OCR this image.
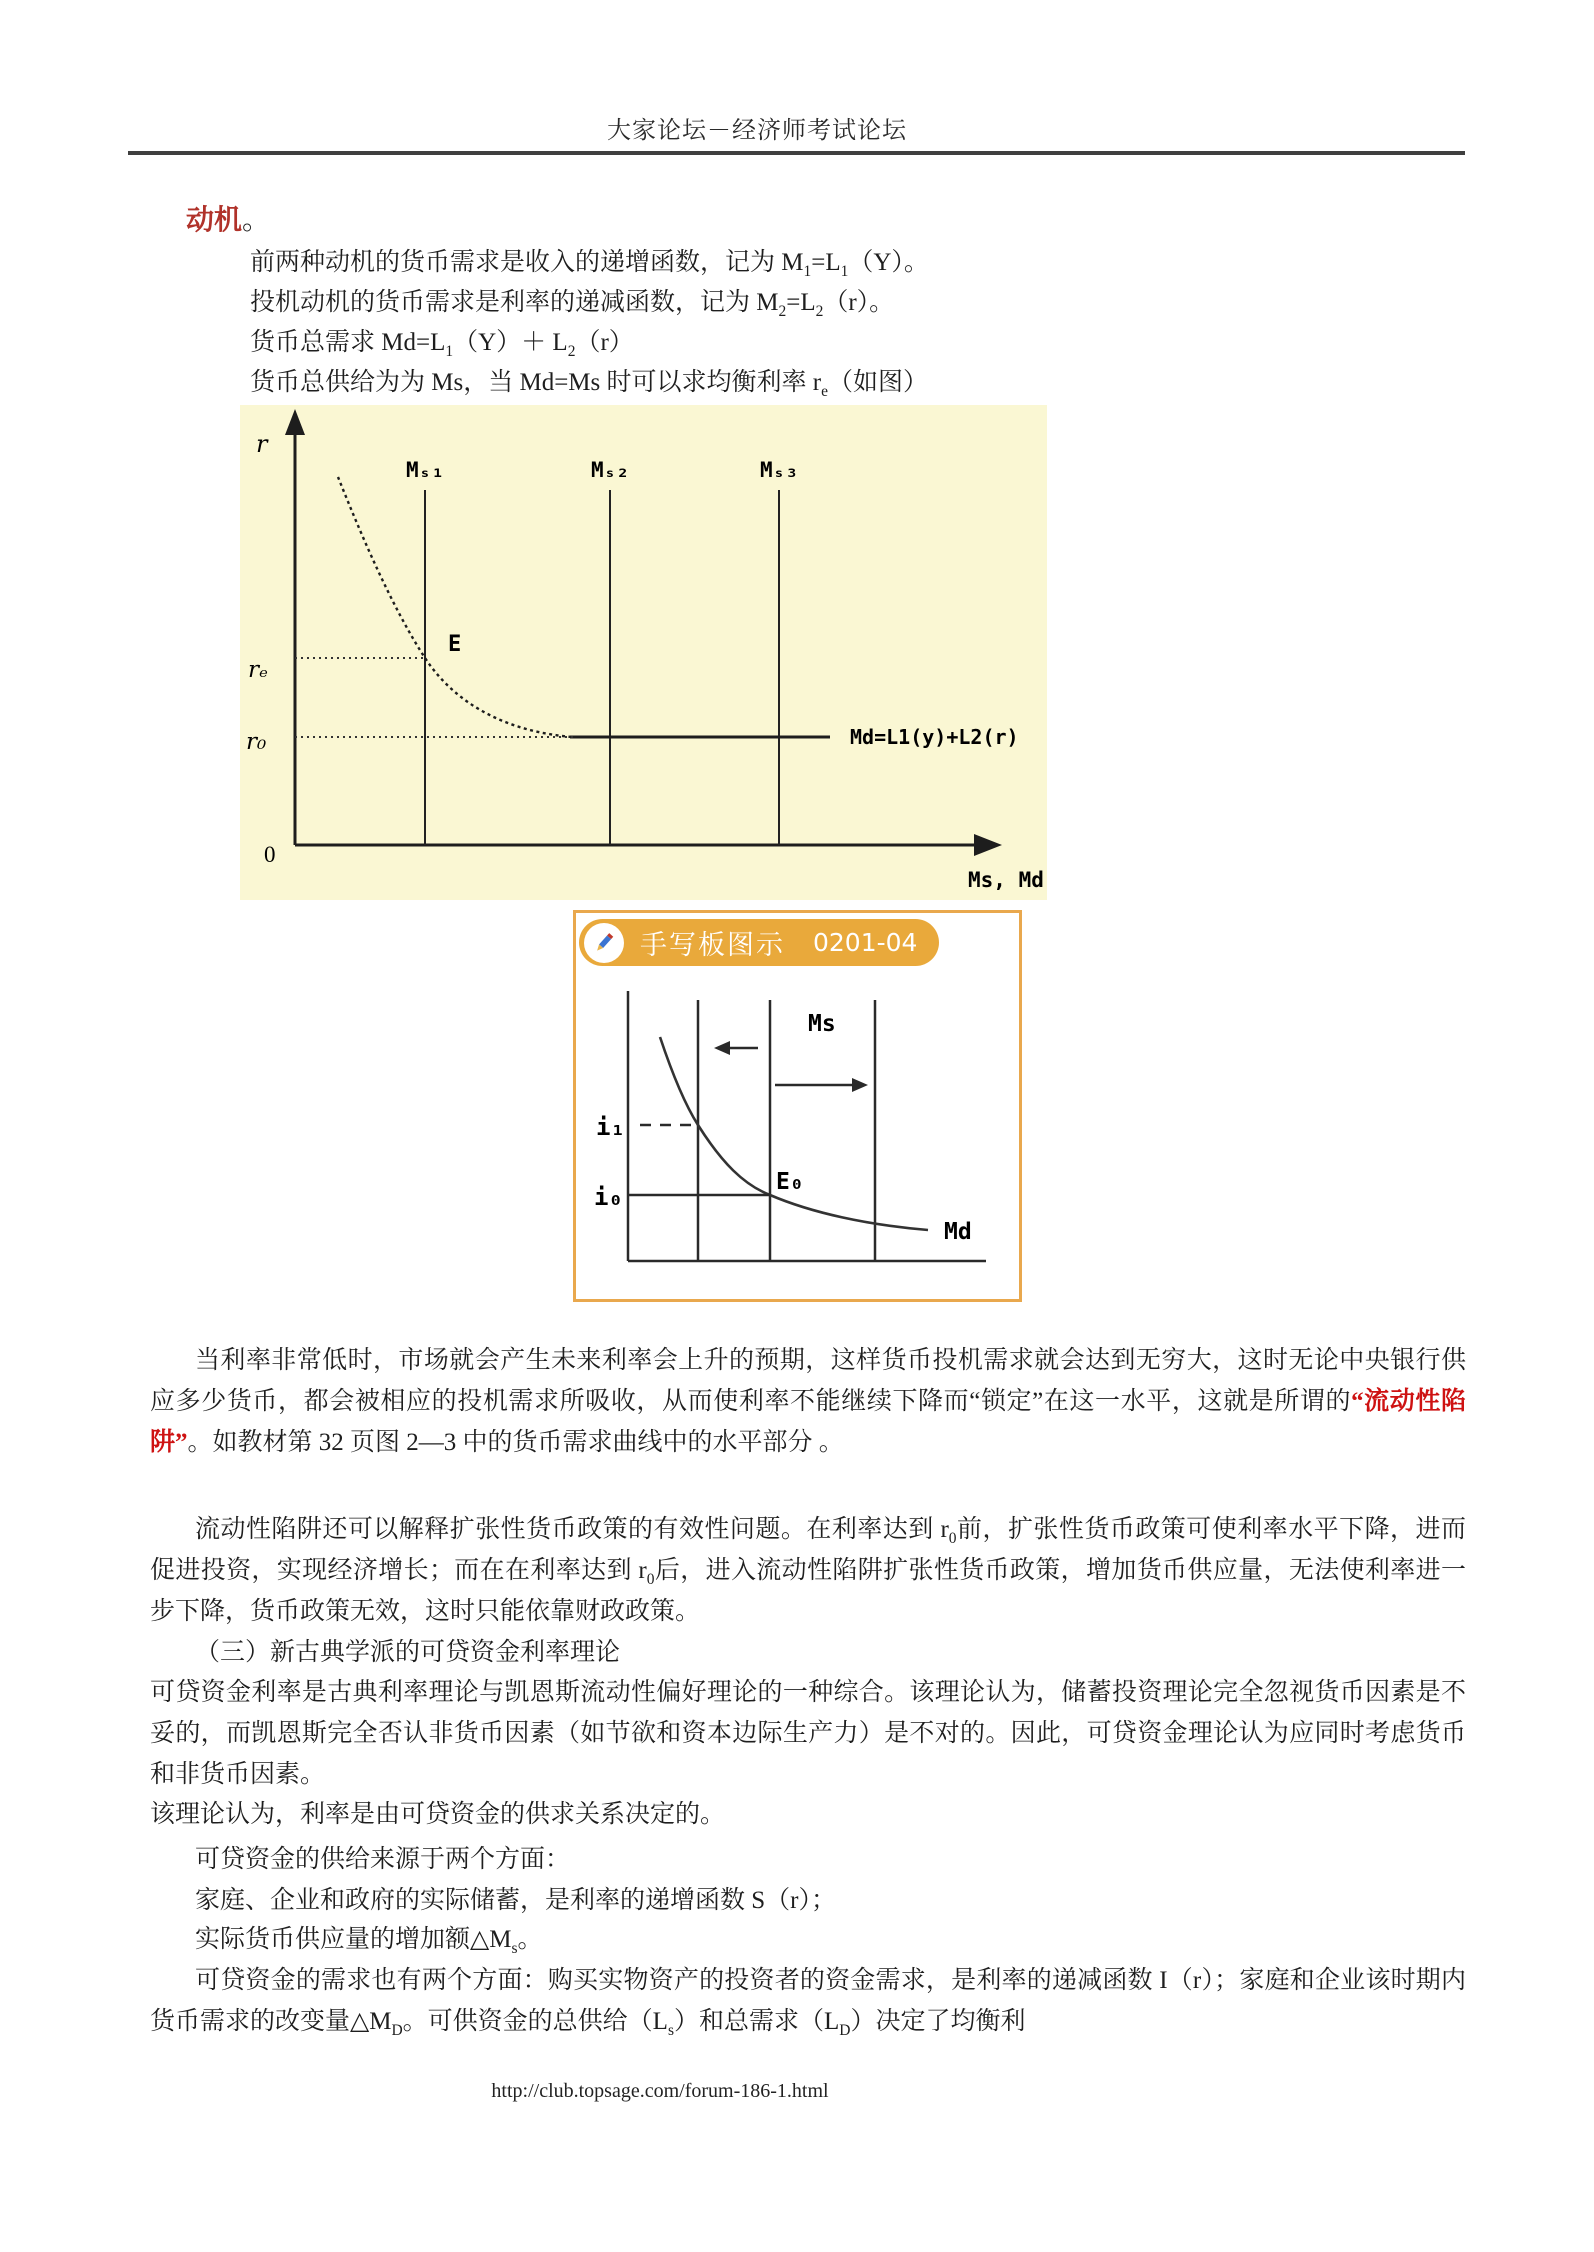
大家论坛－经济师考试论坛
动机。
前两种动机的货币需求是收入的递增函数，记为 $M_1=L_1(Y)$。
投机动机的货币需求是利率的递减函数，记为 $M_2=L_2(r)$。
货币总需求 $Md=L_1(Y)+ L_2(r)$
货币总供给为为 Ms，当 Md=Ms 时可以求均衡利率 $r_e$（如图）
r
0
Mₛ₁	Mₛ₂	Mₛ₃
E
rₑ
r₀	Md=L1(y)+L2(r)
Ms, Md
手写板图示 0201-04
Ms
i₁
i₀
E₀
Md

当利率非常低时，市场就会产生未来利率会上升的预期，这样货币投机需求就会达到无穷大，这时无论中央银行供应多少货币，都会被相应的投机需求所吸收，从而使利率不能继续下降而“锁定”在这一水平，这就是所谓的“流动性陷阱”。如教材第 32 页图 2—3 中的货币需求曲线中的水平部分 。

流动性陷阱还可以解释扩张性货币政策的有效性问题。在利率达到 $r_0$前，扩张性货币政策可使利率水平下降，进而促进投资，实现经济增长；而在在利率达到 $r_0$后，进入流动性陷阱扩张性货币政策，增加货币供应量，无法使利率进一步下降，货币政策无效，这时只能依靠财政政策。

（三）新古典学派的可贷资金利率理论

可贷资金利率是古典利率理论与凯恩斯流动性偏好理论的一种综合。该理论认为，储蓄投资理论完全忽视货币因素是不妥的，而凯恩斯完全否认非货币因素（如节欲和资本边际生产力）是不对的。因此，可贷资金理论认为应同时考虑货币和非货币因素。

该理论认为，利率是由可贷资金的供求关系决定的。

可贷资金的供给来源于两个方面：

家庭、企业和政府的实际储蓄，是利率的递增函数 S（r）；

实际货币供应量的增加额$\triangle M_s$。

可贷资金的需求也有两个方面：购买实物资产的投资者的资金需求，是利率的递减函数 I（r）；家庭和企业该时期内货币需求的改变量$\triangle M_D$。可供资金的总供给$(L_s)$和总需求$(L_D)$决定了均衡利

http://club.topsage.com/forum-186-1.html
